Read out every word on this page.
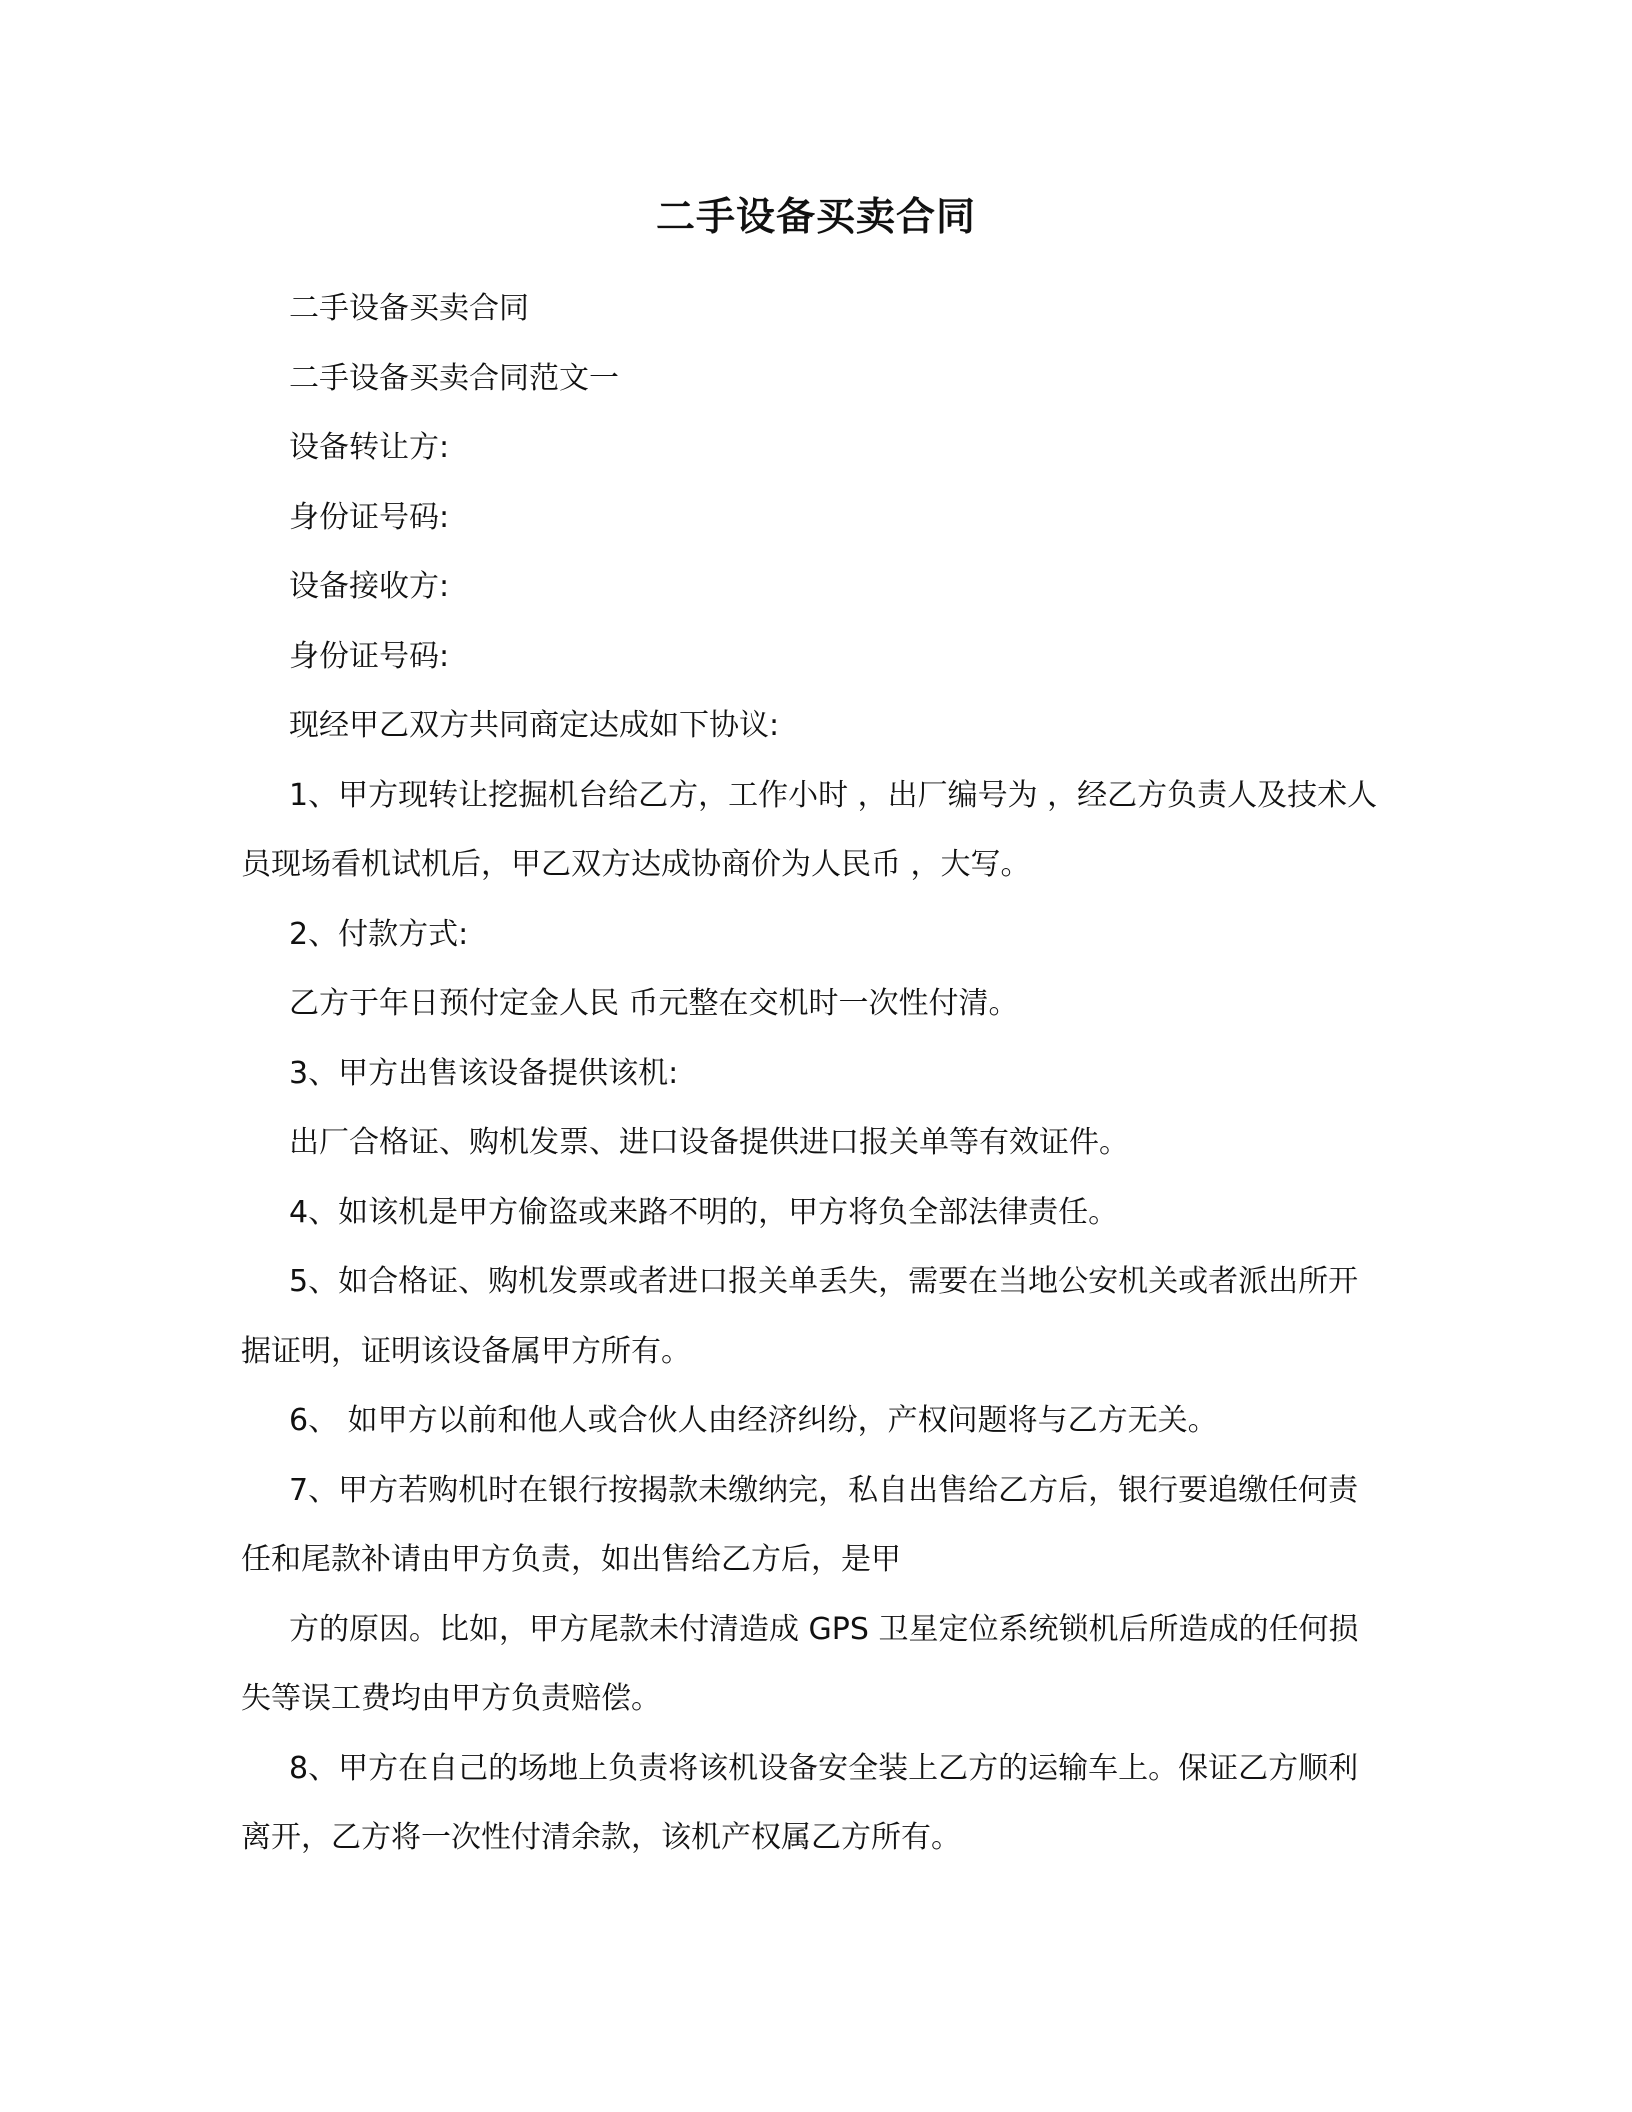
二手设备买卖合同

二手设备买卖合同

二手设备买卖合同范文一

设备转让方:

身份证号码:

设备接收方:

身份证号码:

现经甲乙双方共同商定达成如下协议:

1、甲方现转让挖掘机台给乙方，工作小时 ，出厂编号为 ，经乙方负责人及技术人员现场看机试机后，甲乙双方达成协商价为人民币 ，大写。

2、付款方式:

乙方于年日预付定金人民 币元整在交机时一次性付清。

3、甲方出售该设备提供该机:

出厂合格证、购机发票、进口设备提供进口报关单等有效证件。

4、如该机是甲方偷盗或来路不明的，甲方将负全部法律责任。

5、如合格证、购机发票或者进口报关单丢失，需要在当地公安机关或者派出所开据证明，证明该设备属甲方所有。

6、 如甲方以前和他人或合伙人由经济纠纷，产权问题将与乙方无关。

7、甲方若购机时在银行按揭款未缴纳完，私自出售给乙方后，银行要追缴任何责任和尾款补请由甲方负责，如出售给乙方后，是甲

方的原因。比如，甲方尾款未付清造成 GPS 卫星定位系统锁机后所造成的任何损失等误工费均由甲方负责赔偿。

8、甲方在自己的场地上负责将该机设备安全装上乙方的运输车上。保证乙方顺利离开，乙方将一次性付清余款，该机产权属乙方所有。
